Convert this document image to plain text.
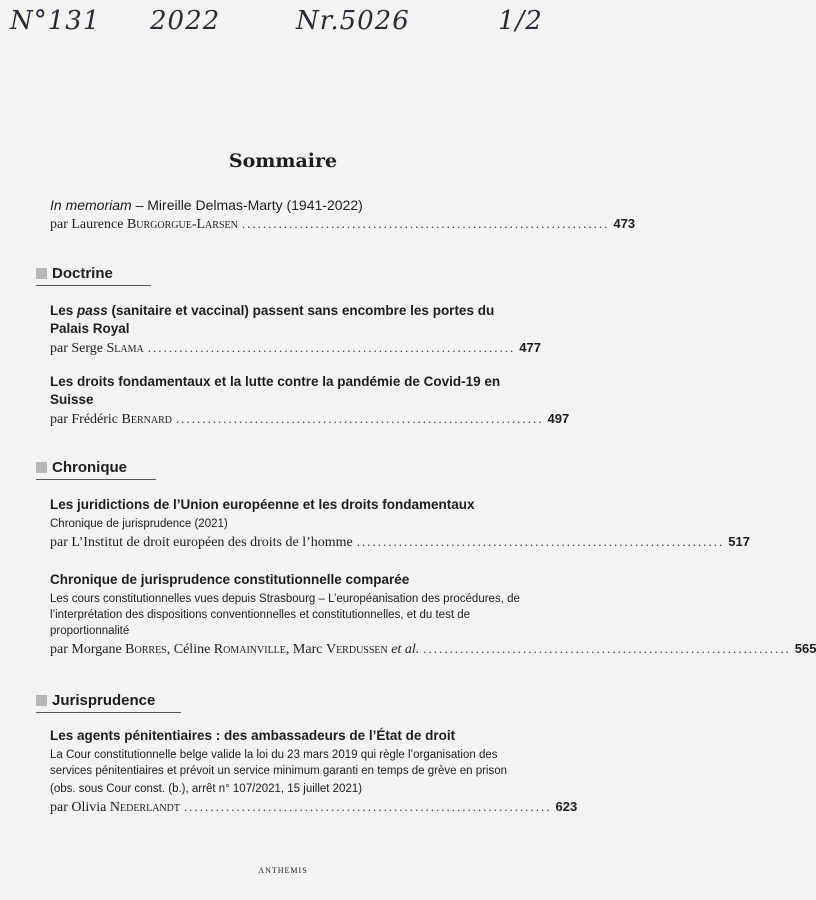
N°131 2022	Nr.5026	1/2
Sommaire
In memoriam – Mireille Delmas-Marty (1941-2022)
par Laurence Burgorgue-Larsen ...................................................................... 473
Doctrine
Les pass (sanitaire et vaccinal) passent sans encombre les portes du Palais Royal
par Serge Slama ...................................................................... 477
Les droits fondamentaux et la lutte contre la pandémie de Covid-19 en Suisse
par Frédéric Bernard ...................................................................... 497
Chronique
Les juridictions de l’Union européenne et les droits fondamentaux
Chronique de jurisprudence (2021)
par L’Institut de droit européen des droits de l’homme ...................................................................... 517
Chronique de jurisprudence constitutionnelle comparée
Les cours constitutionnelles vues depuis Strasbourg – L’européanisation des procédures, de l’interprétation des dispositions conventionnelles et constitutionnelles, et du test de proportionnalité
par Morgane Borres, Céline Romainville, Marc Verdussen et al. ...................................................................... 565
Jurisprudence
Les agents pénitentiaires : des ambassadeurs de l’État de droit
La Cour constitutionnelle belge valide la loi du 23 mars 2019 qui règle l’organisation des services pénitentiaires et prévoit un service minimum garanti en temps de grève en prison
(obs. sous Cour const. (b.), arrêt n° 107/2021, 15 juillet 2021)
par Olivia Nederlandt ...................................................................... 623
ANTHEMIS
